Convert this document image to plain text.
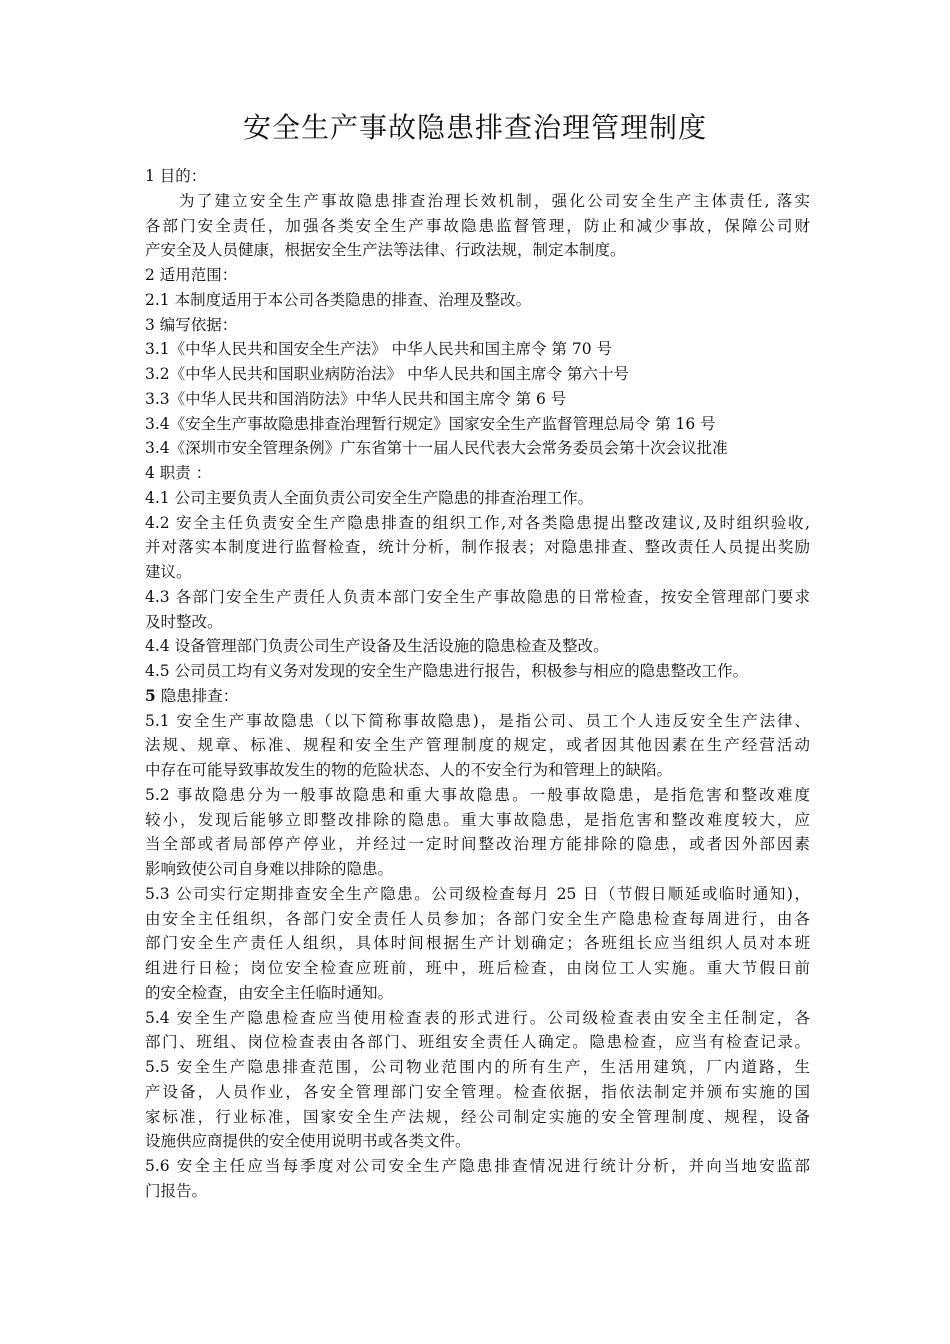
安全生产事故隐患排查治理管理制度
1 目的：
为了建立安全生产事故隐患排查治理长效机制，强化公司安全生产主体责任, 落实
各部门安全责任，加强各类安全生产事故隐患监督管理，防止和减少事故，保障公司财
产安全及人员健康，根据安全生产法等法律、行政法规，制定本制度。
2 适用范围：
2.1 本制度适用于本公司各类隐患的排查、治理及整改。
3 编写依据：
3.1《中华人民共和国安全生产法》 中华人民共和国主席令 第 70 号
3.2《中华人民共和国职业病防治法》 中华人民共和国主席令 第六十号
3.3《中华人民共和国消防法》中华人民共和国主席令 第 6 号
3.4《安全生产事故隐患排查治理暂行规定》国家安全生产监督管理总局令 第 16 号
3.4《深圳市安全管理条例》广东省第十一届人民代表大会常务委员会第十次会议批准
4 职责 ：
4.1 公司主要负责人全面负责公司安全生产隐患的排查治理工作。
4.2 安全主任负责安全生产隐患排查的组织工作,对各类隐患提出整改建议,及时组织验收,
并对落实本制度进行监督检查，统计分析，制作报表；对隐患排查、整改责任人员提出奖励
建议。
4.3 各部门安全生产责任人负责本部门安全生产事故隐患的日常检查，按安全管理部门要求
及时整改。
4.4 设备管理部门负责公司生产设备及生活设施的隐患检查及整改。
4.5 公司员工均有义务对发现的安全生产隐患进行报告，积极参与相应的隐患整改工作。
5 隐患排查：
5.1 安全生产事故隐患（以下简称事故隐患)，是指公司、员工个人违反安全生产法律、
法规、规章、标准、规程和安全生产管理制度的规定，或者因其他因素在生产经营活动
中存在可能导致事故发生的物的危险状态、人的不安全行为和管理上的缺陷。
5.2 事故隐患分为一般事故隐患和重大事故隐患。一般事故隐患，是指危害和整改难度
较小，发现后能够立即整改排除的隐患。重大事故隐患，是指危害和整改难度较大，应
当全部或者局部停产停业，并经过一定时间整改治理方能排除的隐患，或者因外部因素
影响致使公司自身难以排除的隐患。
5.3 公司实行定期排查安全生产隐患。公司级检查每月 25 日（节假日顺延或临时通知)，
由安全主任组织，各部门安全责任人员参加；各部门安全生产隐患检查每周进行，由各
部门安全生产责任人组织，具体时间根据生产计划确定；各班组长应当组织人员对本班
组进行日检；岗位安全检查应班前，班中，班后检查，由岗位工人实施。重大节假日前
的安全检查，由安全主任临时通知。
5.4 安全生产隐患检查应当使用检查表的形式进行。公司级检查表由安全主任制定，各
部门、班组、岗位检查表由各部门、班组安全责任人确定。隐患检查，应当有检查记录。
5.5 安全生产隐患排查范围，公司物业范围内的所有生产，生活用建筑，厂内道路，生
产设备，人员作业，各安全管理部门安全管理。检查依据，指依法制定并颁布实施的国
家标准，行业标准，国家安全生产法规，经公司制定实施的安全管理制度、规程，设备
设施供应商提供的安全使用说明书或各类文件。
5.6 安全主任应当每季度对公司安全生产隐患排查情况进行统计分析，并向当地安监部
门报告。
